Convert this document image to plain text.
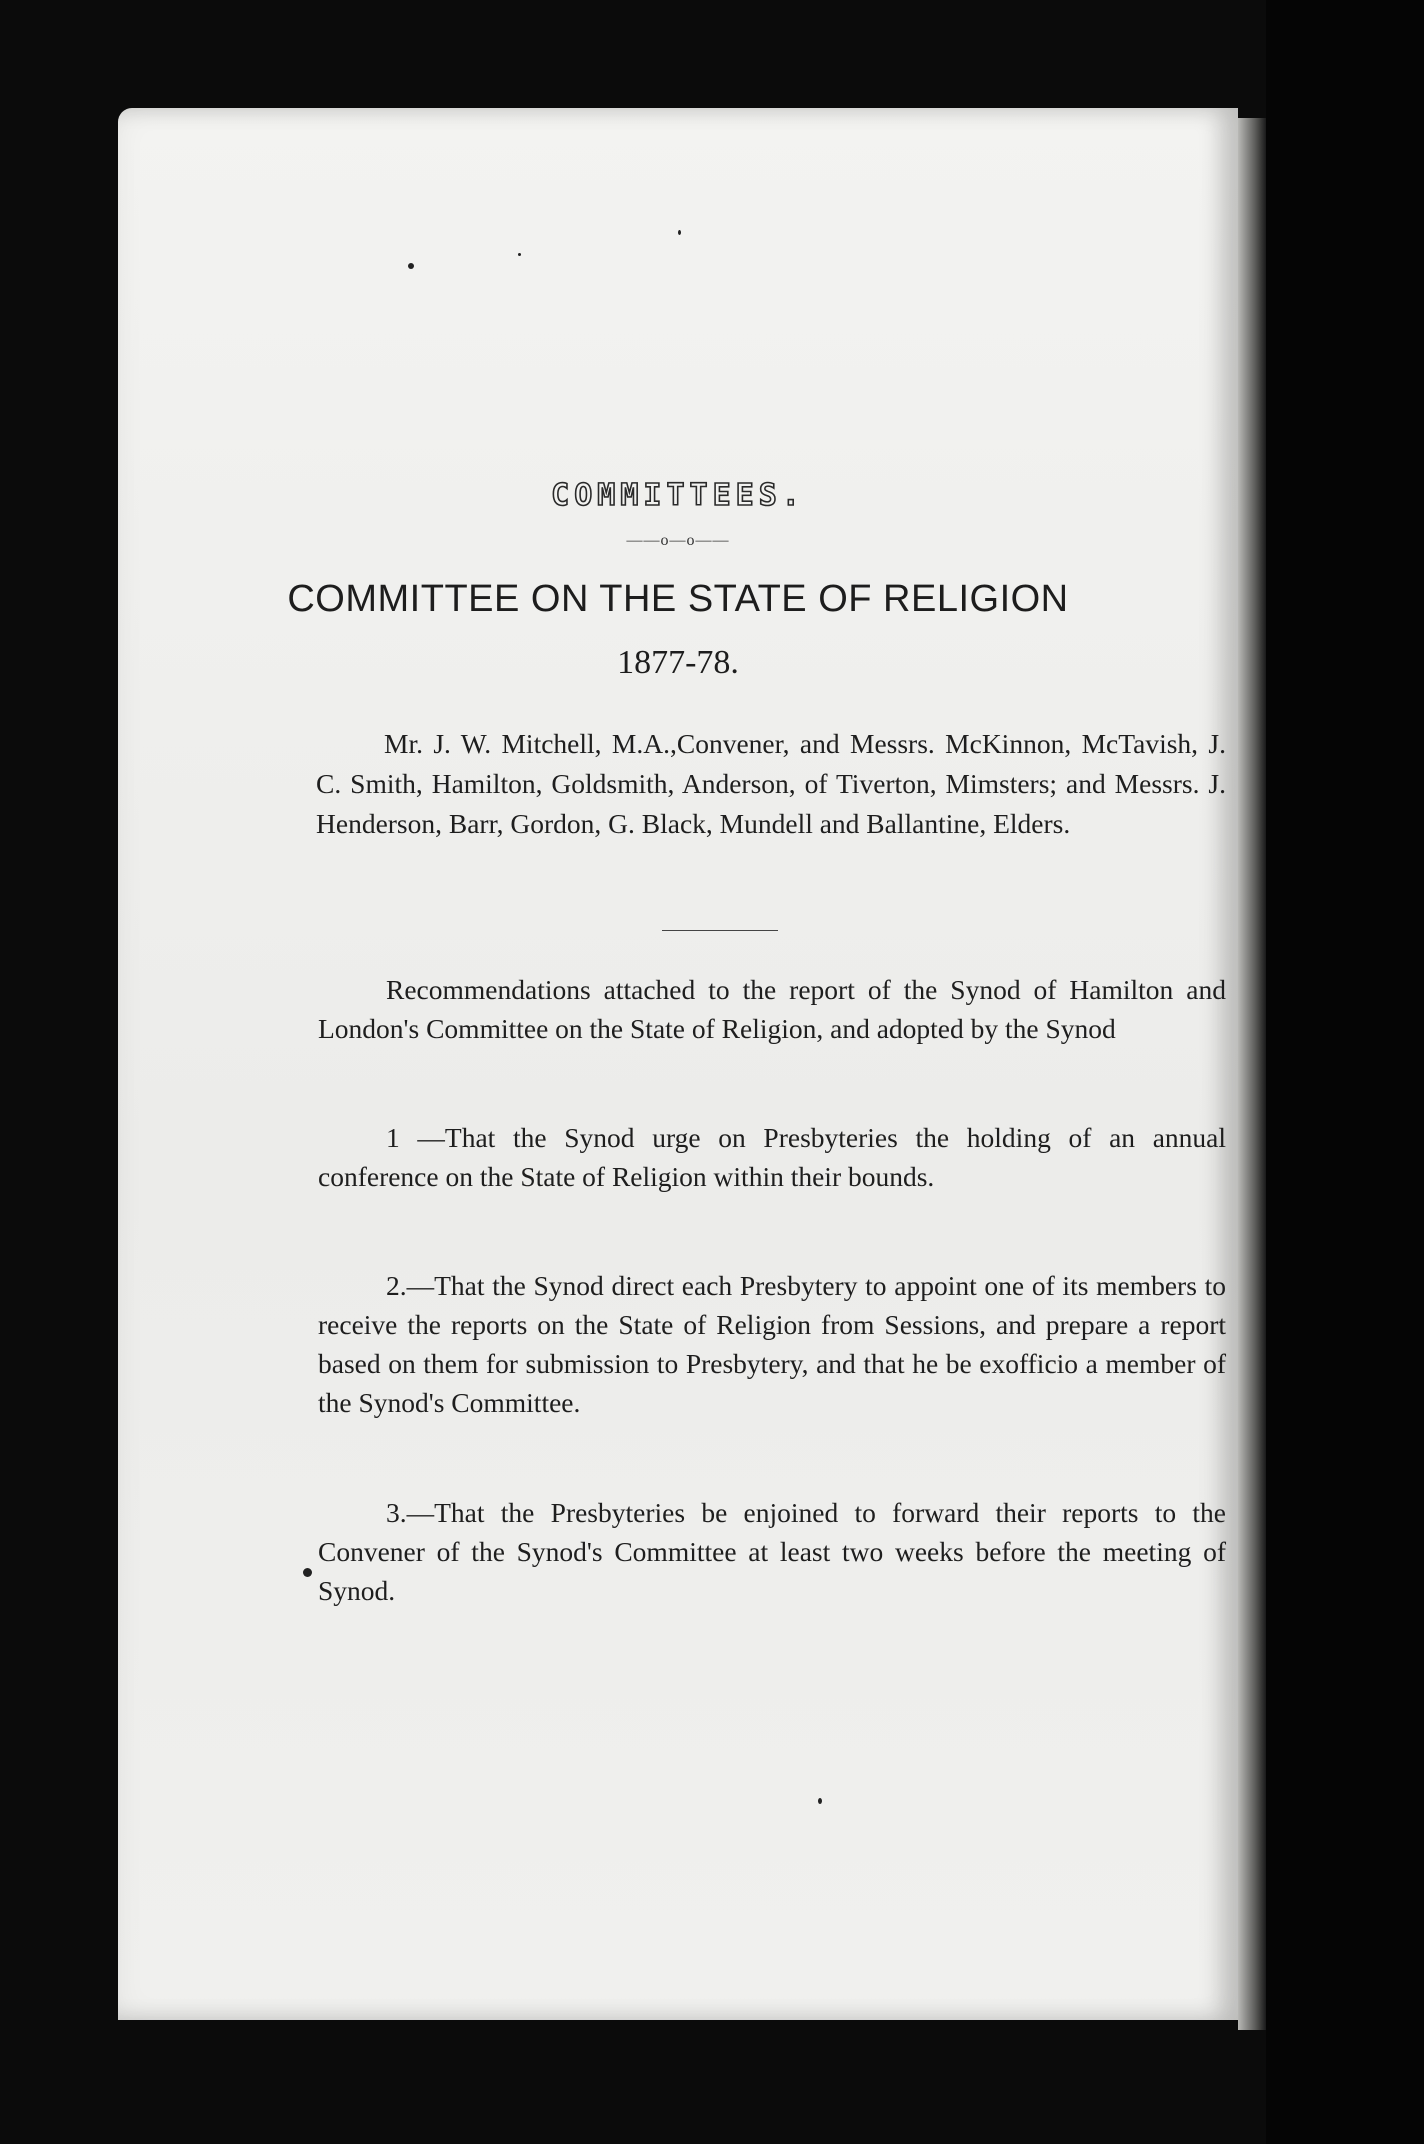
COMMITTEES.
——o—o——
COMMITTEE ON THE STATE OF RELIGION
1877-78.
Mr. J. W. Mitchell, M.A.,Convener, and Messrs. McKinnon, McTavish, J. C. Smith, Hamilton, Goldsmith, Anderson, of Tiverton, Mimsters; and Messrs. J. Henderson, Barr, Gordon, G. Black, Mundell and Ballantine, Elders.
Recommendations attached to the report of the Synod of Hamilton and London's Committee on the State of Religion, and adopted by the Synod
1 —That the Synod urge on Presbyteries the holding of an annual conference on the State of Religion within their bounds.
2.—That the Synod direct each Presbytery to appoint one of its members to receive the reports on the State of Religion from Sessions, and prepare a report based on them for submission to Presbytery, and that he be exofficio a member of the Synod's Committee.
3.—That the Presbyteries be enjoined to forward their reports to the Convener of the Synod's Committee at least two weeks before the meeting of Synod.
